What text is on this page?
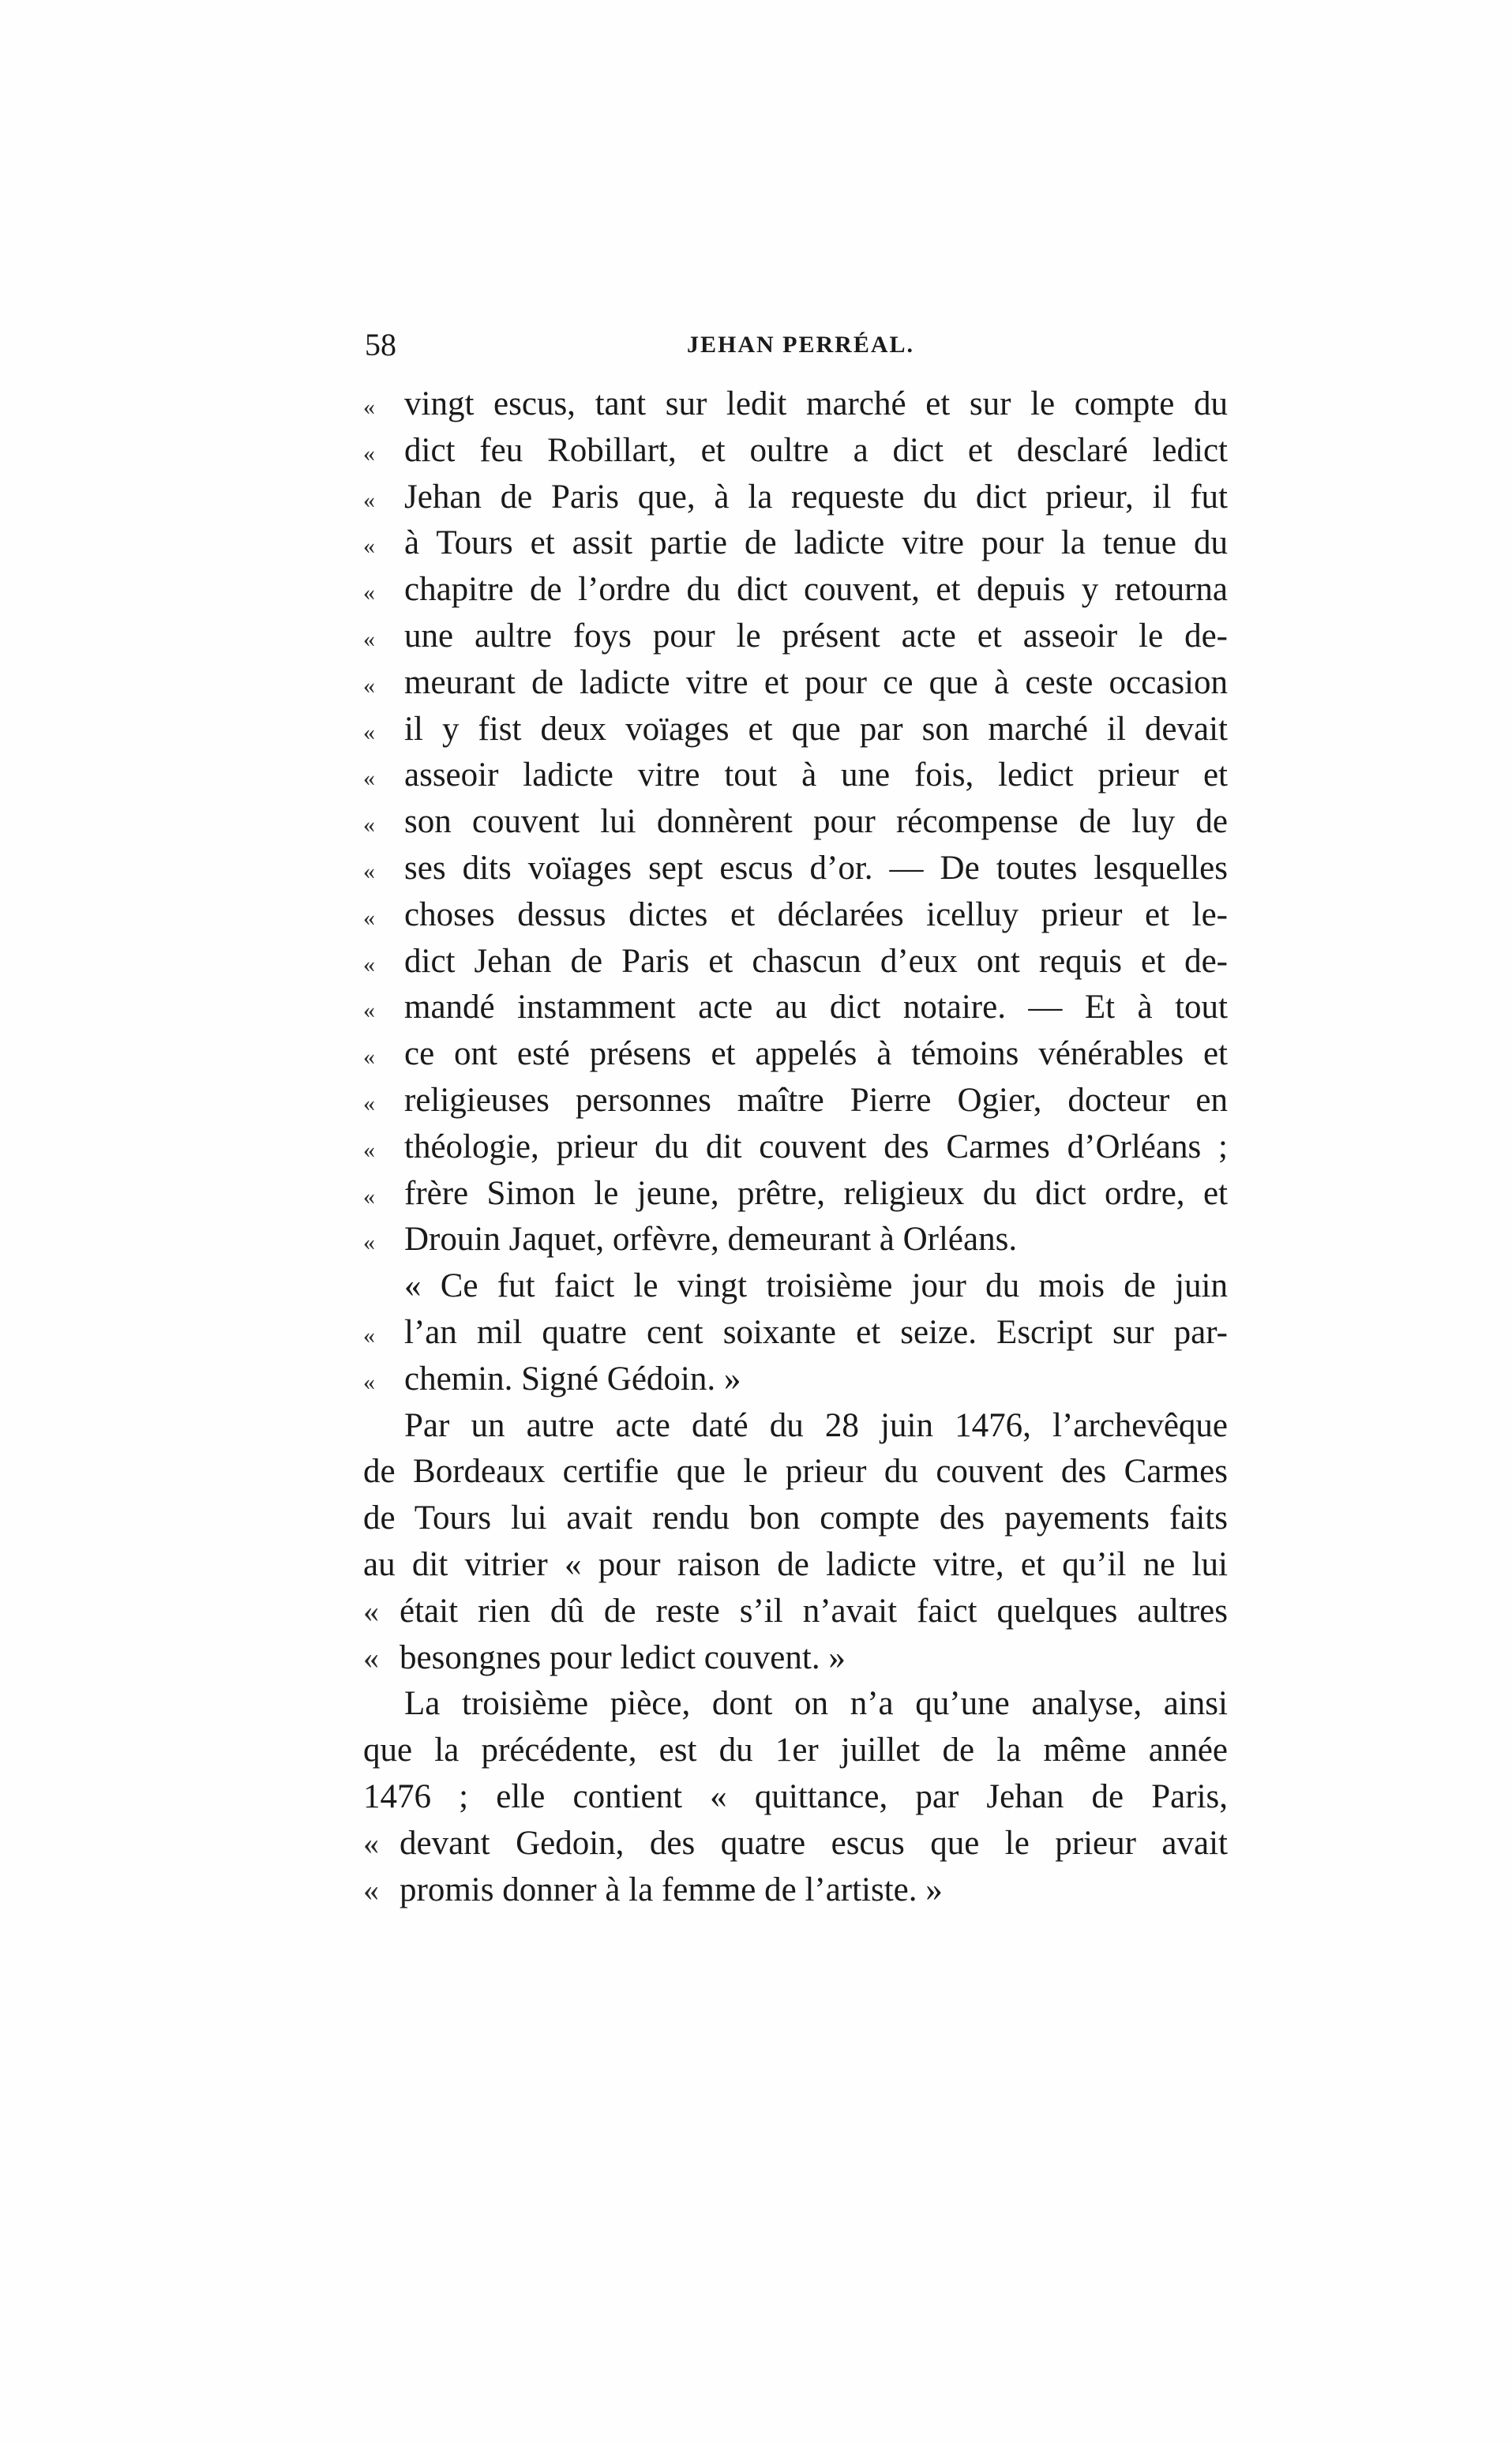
58	JEHAN PERRÉAL.
« vingt escus, tant sur ledit marché et sur le compte du
« dict feu Robillart, et oultre a dict et desclaré ledict
« Jehan de Paris que, à la requeste du dict prieur, il fut
« à Tours et assit partie de ladicte vitre pour la tenue du
« chapitre de l’ordre du dict couvent, et depuis y retourna
« une aultre foys pour le présent acte et asseoir le de-
« meurant de ladicte vitre et pour ce que à ceste occasion
« il y fist deux voïages et que par son marché il devait
« asseoir ladicte vitre tout à une fois, ledict prieur et
« son couvent lui donnèrent pour récompense de luy de
« ses dits voïages sept escus d’or. — De toutes lesquelles
« choses dessus dictes et déclarées icelluy prieur et le-
« dict Jehan de Paris et chascun d’eux ont requis et de-
« mandé instamment acte au dict notaire. — Et à tout
« ce ont esté présens et appelés à témoins vénérables et
« religieuses personnes maître Pierre Ogier, docteur en
« théologie, prieur du dit couvent des Carmes d’Orléans ;
« frère Simon le jeune, prêtre, religieux du dict ordre, et
« Drouin Jaquet, orfèvre, demeurant à Orléans.
« Ce fut faict le vingt troisième jour du mois de juin
« l’an mil quatre cent soixante et seize. Escript sur par-
« chemin. Signé Gédoin. »
Par un autre acte daté du 28 juin 1476, l’archevêque
de Bordeaux certifie que le prieur du couvent des Carmes
de Tours lui avait rendu bon compte des payements faits
au dit vitrier « pour raison de ladicte vitre, et qu’il ne lui
« était rien dû de reste s’il n’avait faict quelques aultres
« besongnes pour ledict couvent. »
La troisième pièce, dont on n’a qu’une analyse, ainsi
que la précédente, est du 1er juillet de la même année
1476 ; elle contient « quittance, par Jehan de Paris,
« devant Gedoin, des quatre escus que le prieur avait
« promis donner à la femme de l’artiste. »
